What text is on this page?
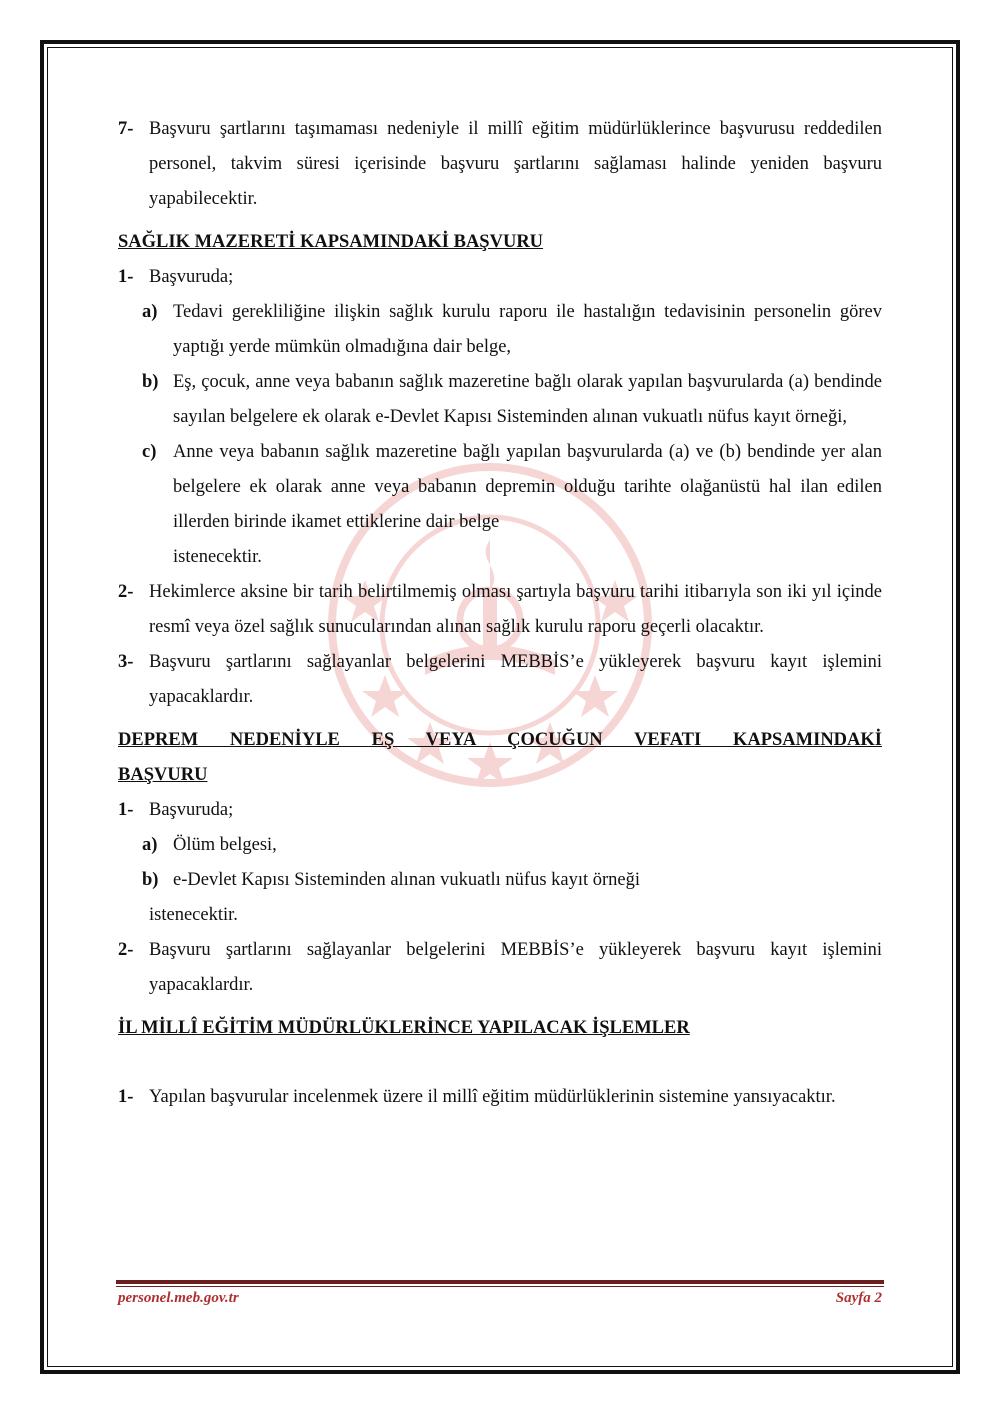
7- Başvuru şartlarını taşımaması nedeniyle il millî eğitim müdürlüklerince başvurusu reddedilen personel, takvim süresi içerisinde başvuru şartlarını sağlaması halinde yeniden başvuru yapabilecektir.
SAĞLIK MAZERETİ KAPSAMINDAKİ BAŞVURU
1- Başvuruda;
a) Tedavi gerekliliğine ilişkin sağlık kurulu raporu ile hastalığın tedavisinin personelin görev yaptığı yerde mümkün olmadığına dair belge,
b) Eş, çocuk, anne veya babanın sağlık mazeretine bağlı olarak yapılan başvurularda (a) bendinde sayılan belgelere ek olarak e-Devlet Kapısı Sisteminden alınan vukuatlı nüfus kayıt örneği,
c) Anne veya babanın sağlık mazeretine bağlı yapılan başvurularda (a) ve (b) bendinde yer alan belgelere ek olarak anne veya babanın depremin olduğu tarihte olağanüstü hal ilan edilen illerden birinde ikamet ettiklerine dair belge
istenecektir.
2- Hekimlerce aksine bir tarih belirtilmemiş olması şartıyla başvuru tarihi itibarıyla son iki yıl içinde resmî veya özel sağlık sunucularından alınan sağlık kurulu raporu geçerli olacaktır.
3- Başvuru şartlarını sağlayanlar belgelerini MEBBİS’e yükleyerek başvuru kayıt işlemini yapacaklardır.
DEPREM NEDENİYLE EŞ VEYA ÇOCUĞUN VEFATI KAPSAMINDAKİ
BAŞVURU
1- Başvuruda;
a) Ölüm belgesi,
b) e-Devlet Kapısı Sisteminden alınan vukuatlı nüfus kayıt örneği
istenecektir.
2- Başvuru şartlarını sağlayanlar belgelerini MEBBİS’e yükleyerek başvuru kayıt işlemini yapacaklardır.
İL MİLLÎ EĞİTİM MÜDÜRLÜKLERİNCE YAPILACAK İŞLEMLER
1- Yapılan başvurular incelenmek üzere il millî eğitim müdürlüklerinin sistemine yansıyacaktır.
personel.meb.gov.tr	Sayfa 2
